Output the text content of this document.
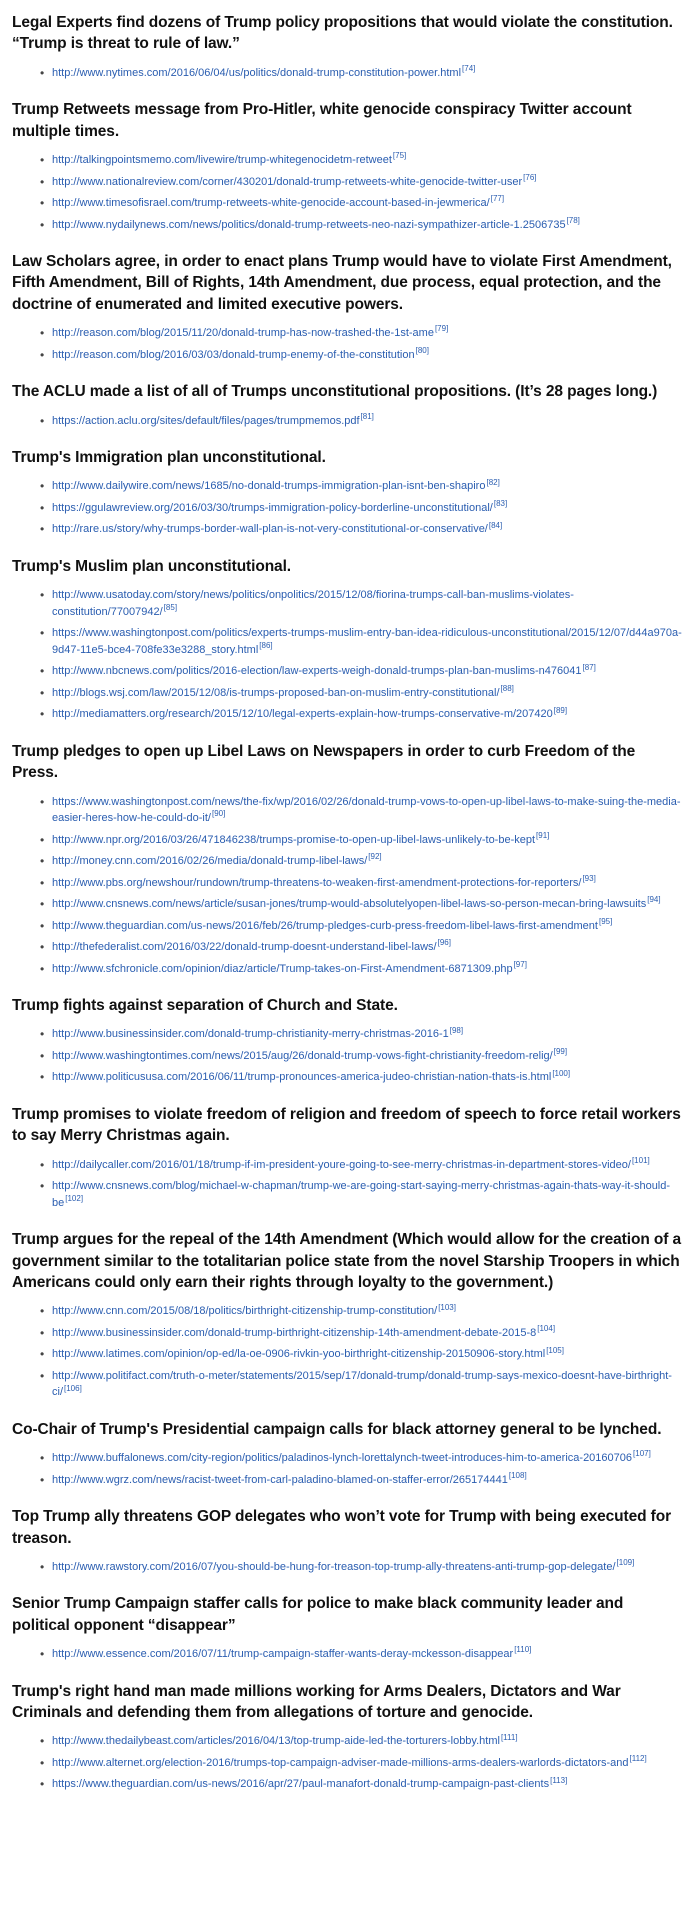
Legal Experts find dozens of Trump policy propositions that would violate the constitution. “Trump is threat to rule of law.”
• http://www.nytimes.com/2016/06/04/us/politics/donald-trump-constitution-power.html[74]
Trump Retweets message from Pro-Hitler, white genocide conspiracy Twitter account multiple times.
• http://talkingpointsmemo.com/livewire/trump-whitegenocidetm-retweet[75]
• http://www.nationalreview.com/corner/430201/donald-trump-retweets-white-genocide-twitter-user[76]
• http://www.timesofisrael.com/trump-retweets-white-genocide-account-based-in-jewmerica/[77]
• http://www.nydailynews.com/news/politics/donald-trump-retweets-neo-nazi-sympathizer-article-1.2506735[78]
Law Scholars agree, in order to enact plans Trump would have to violate First Amendment, Fifth Amendment, Bill of Rights, 14th Amendment, due process, equal protection, and the doctrine of enumerated and limited executive powers.
• http://reason.com/blog/2015/11/20/donald-trump-has-now-trashed-the-1st-ame[79]
• http://reason.com/blog/2016/03/03/donald-trump-enemy-of-the-constitution[80]
The ACLU made a list of all of Trumps unconstitutional propositions. (It’s 28 pages long.)
• https://action.aclu.org/sites/default/files/pages/trumpmemos.pdf[81]
Trump's Immigration plan unconstitutional.
• http://www.dailywire.com/news/1685/no-donald-trumps-immigration-plan-isnt-ben-shapiro[82]
• https://ggulawreview.org/2016/03/30/trumps-immigration-policy-borderline-unconstitutional/[83]
• http://rare.us/story/why-trumps-border-wall-plan-is-not-very-constitutional-or-conservative/[84]
Trump's Muslim plan unconstitutional.
• http://www.usatoday.com/story/news/politics/onpolitics/2015/12/08/fiorina-trumps-call-ban-muslims-violates-constitution/77007942/[85]
• https://www.washingtonpost.com/politics/experts-trumps-muslim-entry-ban-idea-ridiculous-unconstitutional/2015/12/07/d44a970a-9d47-11e5-bce4-708fe33e3288_story.html[86]
• http://www.nbcnews.com/politics/2016-election/law-experts-weigh-donald-trumps-plan-ban-muslims-n476041[87]
• http://blogs.wsj.com/law/2015/12/08/is-trumps-proposed-ban-on-muslim-entry-constitutional/[88]
• http://mediamatters.org/research/2015/12/10/legal-experts-explain-how-trumps-conservative-m/207420[89]
Trump pledges to open up Libel Laws on Newspapers in order to curb Freedom of the Press.
• https://www.washingtonpost.com/news/the-fix/wp/2016/02/26/donald-trump-vows-to-open-up-libel-laws-to-make-suing-the-media-easier-heres-how-he-could-do-it/[90]
• http://www.npr.org/2016/03/26/471846238/trumps-promise-to-open-up-libel-laws-unlikely-to-be-kept[91]
• http://money.cnn.com/2016/02/26/media/donald-trump-libel-laws/[92]
• http://www.pbs.org/newshour/rundown/trump-threatens-to-weaken-first-amendment-protections-for-reporters/[93]
• http://www.cnsnews.com/news/article/susan-jones/trump-would-absolutelyopen-libel-laws-so-person-mecan-bring-lawsuits[94]
• http://www.theguardian.com/us-news/2016/feb/26/trump-pledges-curb-press-freedom-libel-laws-first-amendment[95]
• http://thefederalist.com/2016/03/22/donald-trump-doesnt-understand-libel-laws/[96]
• http://www.sfchronicle.com/opinion/diaz/article/Trump-takes-on-First-Amendment-6871309.php[97]
Trump fights against separation of Church and State.
• http://www.businessinsider.com/donald-trump-christianity-merry-christmas-2016-1[98]
• http://www.washingtontimes.com/news/2015/aug/26/donald-trump-vows-fight-christianity-freedom-relig/[99]
• http://www.politicususa.com/2016/06/11/trump-pronounces-america-judeo-christian-nation-thats-is.html[100]
Trump promises to violate freedom of religion and freedom of speech to force retail workers to say Merry Christmas again.
• http://dailycaller.com/2016/01/18/trump-if-im-president-youre-going-to-see-merry-christmas-in-department-stores-video/[101]
• http://www.cnsnews.com/blog/michael-w-chapman/trump-we-are-going-start-saying-merry-christmas-again-thats-way-it-should-be[102]
Trump argues for the repeal of the 14th Amendment (Which would allow for the creation of a government similar to the totalitarian police state from the novel Starship Troopers in which Americans could only earn their rights through loyalty to the government.)
• http://www.cnn.com/2015/08/18/politics/birthright-citizenship-trump-constitution/[103]
• http://www.businessinsider.com/donald-trump-birthright-citizenship-14th-amendment-debate-2015-8[104]
• http://www.latimes.com/opinion/op-ed/la-oe-0906-rivkin-yoo-birthright-citizenship-20150906-story.html[105]
• http://www.politifact.com/truth-o-meter/statements/2015/sep/17/donald-trump/donald-trump-says-mexico-doesnt-have-birthright-ci/[106]
Co-Chair of Trump's Presidential campaign calls for black attorney general to be lynched.
• http://www.buffalonews.com/city-region/politics/paladinos-lynch-lorettalynch-tweet-introduces-him-to-america-20160706[107]
• http://www.wgrz.com/news/racist-tweet-from-carl-paladino-blamed-on-staffer-error/265174441[108]
Top Trump ally threatens GOP delegates who won’t vote for Trump with being executed for treason.
• http://www.rawstory.com/2016/07/you-should-be-hung-for-treason-top-trump-ally-threatens-anti-trump-gop-delegate/[109]
Senior Trump Campaign staffer calls for police to make black community leader and political opponent “disappear”
• http://www.essence.com/2016/07/11/trump-campaign-staffer-wants-deray-mckesson-disappear[110]
Trump's right hand man made millions working for Arms Dealers, Dictators and War Criminals and defending them from allegations of torture and genocide.
• http://www.thedailybeast.com/articles/2016/04/13/top-trump-aide-led-the-torturers-lobby.html[111]
• http://www.alternet.org/election-2016/trumps-top-campaign-adviser-made-millions-arms-dealers-warlords-dictators-and[112]
• https://www.theguardian.com/us-news/2016/apr/27/paul-manafort-donald-trump-campaign-past-clients[113]
